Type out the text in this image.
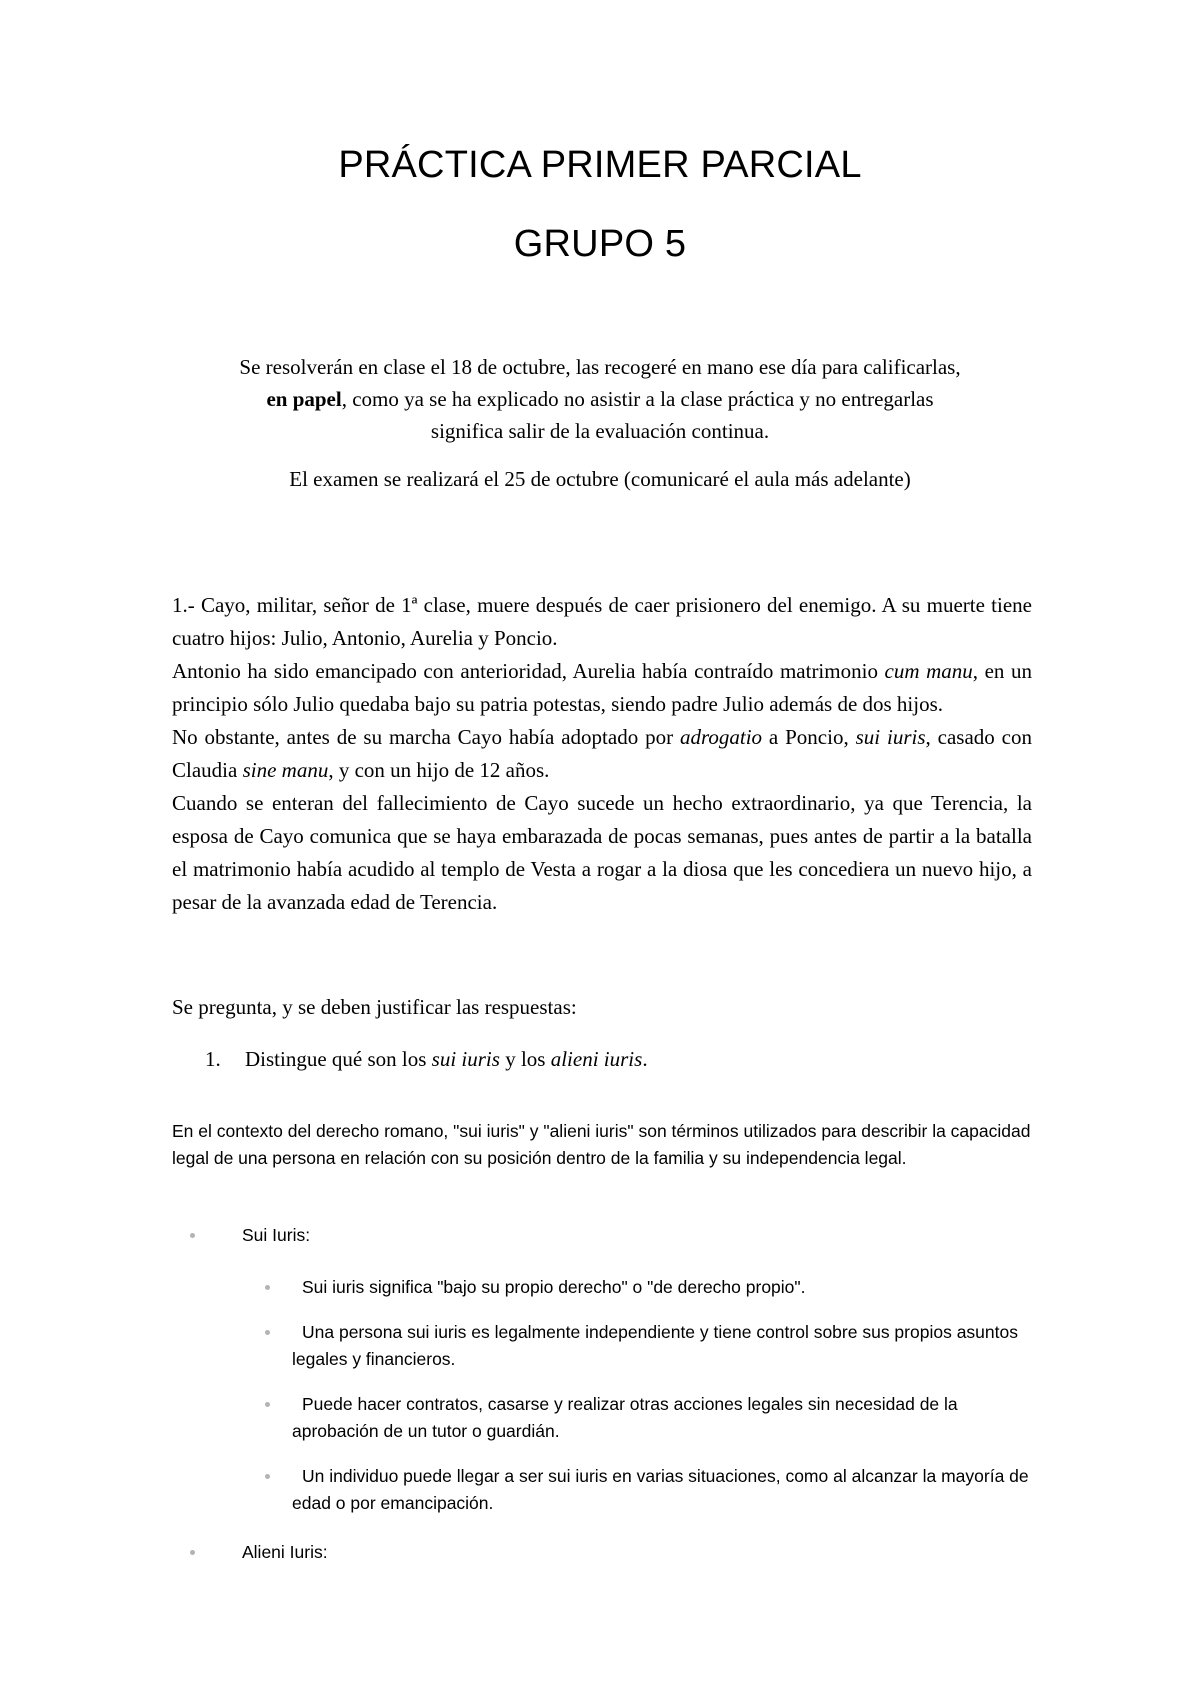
PRÁCTICA PRIMER PARCIAL
GRUPO 5
Se resolverán en clase el 18 de octubre, las recogeré en mano ese día para calificarlas,
en papel, como ya se ha explicado no asistir a la clase práctica y no entregarlas
significa salir de la evaluación continua.
El examen se realizará el 25 de octubre (comunicaré el aula más adelante)

1.- Cayo, militar, señor de 1ª clase, muere después de caer prisionero del enemigo. A su muerte tiene cuatro hijos: Julio, Antonio, Aurelia y Poncio.

Antonio ha sido emancipado con anterioridad, Aurelia había contraído matrimonio cum manu, en un principio sólo Julio quedaba bajo su patria potestas, siendo padre Julio además de dos hijos.

No obstante, antes de su marcha Cayo había adoptado por adrogatio a Poncio, sui iuris, casado con Claudia sine manu, y con un hijo de 12 años.

Cuando se enteran del fallecimiento de Cayo sucede un hecho extraordinario, ya que Terencia, la esposa de Cayo comunica que se haya embarazada de pocas semanas, pues antes de partir a la batalla el matrimonio había acudido al templo de Vesta a rogar a la diosa que les concediera un nuevo hijo, a pesar de la avanzada edad de Terencia.

Se pregunta, y se deben justificar las respuestas:
1. Distingue qué son los sui iuris y los alieni iuris.
En el contexto del derecho romano, "sui iuris" y "alieni iuris" son términos utilizados para describir la capacidad legal de una persona en relación con su posición dentro de la familia y su independencia legal.
Sui Iuris:
Sui iuris significa "bajo su propio derecho" o "de derecho propio".
Una persona sui iuris es legalmente independiente y tiene control sobre sus propios asuntos legales y financieros.
Puede hacer contratos, casarse y realizar otras acciones legales sin necesidad de la aprobación de un tutor o guardián.
Un individuo puede llegar a ser sui iuris en varias situaciones, como al alcanzar la mayoría de edad o por emancipación.
Alieni Iuris:
